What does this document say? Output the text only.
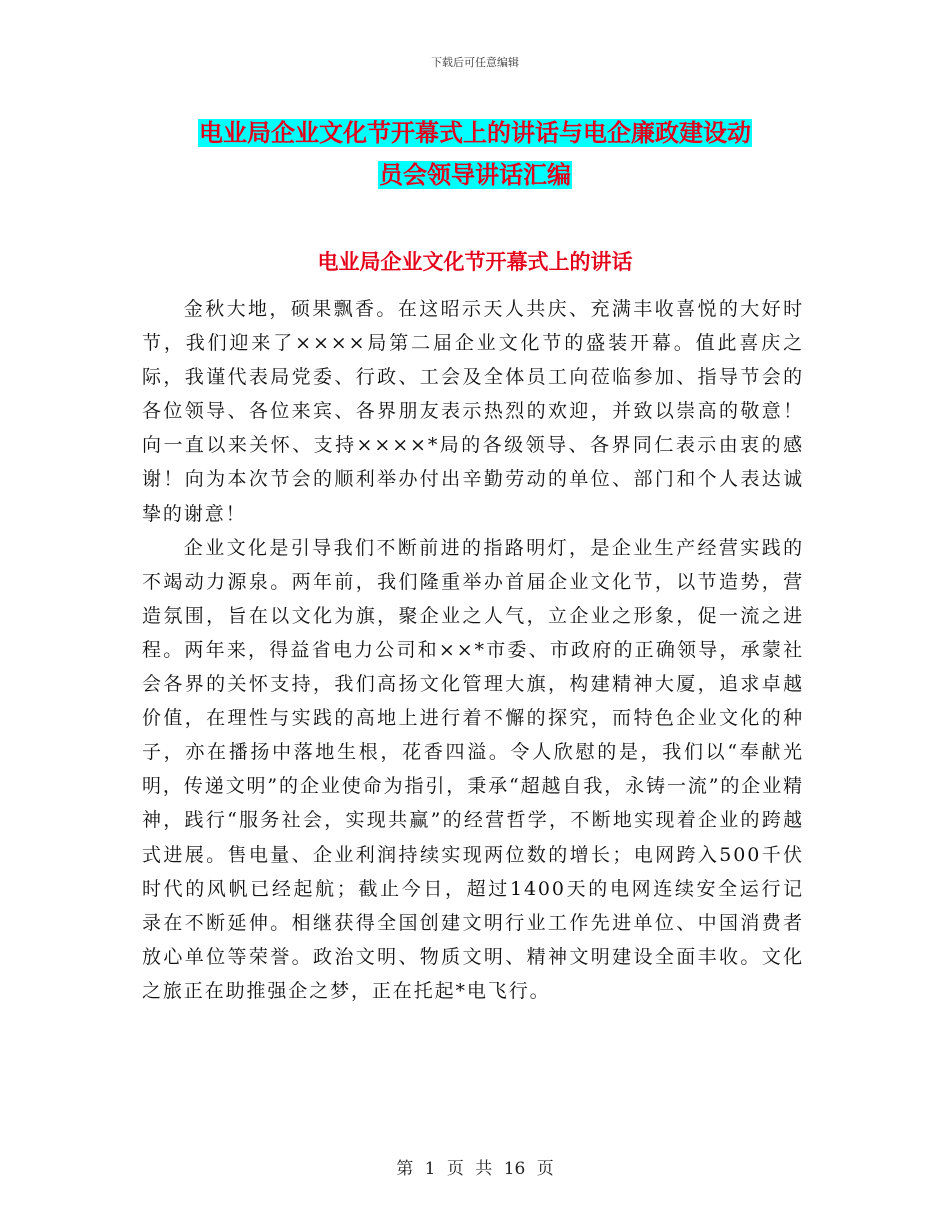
下载后可任意编辑
电业局企业文化节开幕式上的讲话与电企廉政建设动
员会领导讲话汇编
电业局企业文化节开幕式上的讲话

金秋大地，硕果飘香。在这昭示天人共庆、充满丰收喜悦的大好时节，我们迎来了××××局第二届企业文化节的盛装开幕。值此喜庆之际，我谨代表局党委、行政、工会及全体员工向莅临参加、指导节会的各位领导、各位来宾、各界朋友表示热烈的欢迎，并致以崇高的敬意！向一直以来关怀、支持××××*局的各级领导、各界同仁表示由衷的感谢！向为本次节会的顺利举办付出辛勤劳动的单位、部门和个人表达诚挚的谢意！

企业文化是引导我们不断前进的指路明灯，是企业生产经营实践的不竭动力源泉。两年前，我们隆重举办首届企业文化节，以节造势，营造氛围，旨在以文化为旗，聚企业之人气，立企业之形象，促一流之进程。两年来，得益省电力公司和××*市委、市政府的正确领导，承蒙社会各界的关怀支持，我们高扬文化管理大旗，构建精神大厦，追求卓越价值，在理性与实践的高地上进行着不懈的探究，而特色企业文化的种子，亦在播扬中落地生根，花香四溢。令人欣慰的是，我们以“奉献光明，传递文明”的企业使命为指引，秉承“超越自我，永铸一流”的企业精神，践行“服务社会，实现共赢”的经营哲学，不断地实现着企业的跨越式进展。售电量、企业利润持续实现两位数的增长；电网跨入500千伏时代的风帆已经起航；截止今日，超过1400天的电网连续安全运行记录在不断延伸。相继获得全国创建文明行业工作先进单位、中国消费者放心单位等荣誉。政治文明、物质文明、精神文明建设全面丰收。文化之旅正在助推强企之梦，正在托起*电飞行。

第 1 页 共 16 页
